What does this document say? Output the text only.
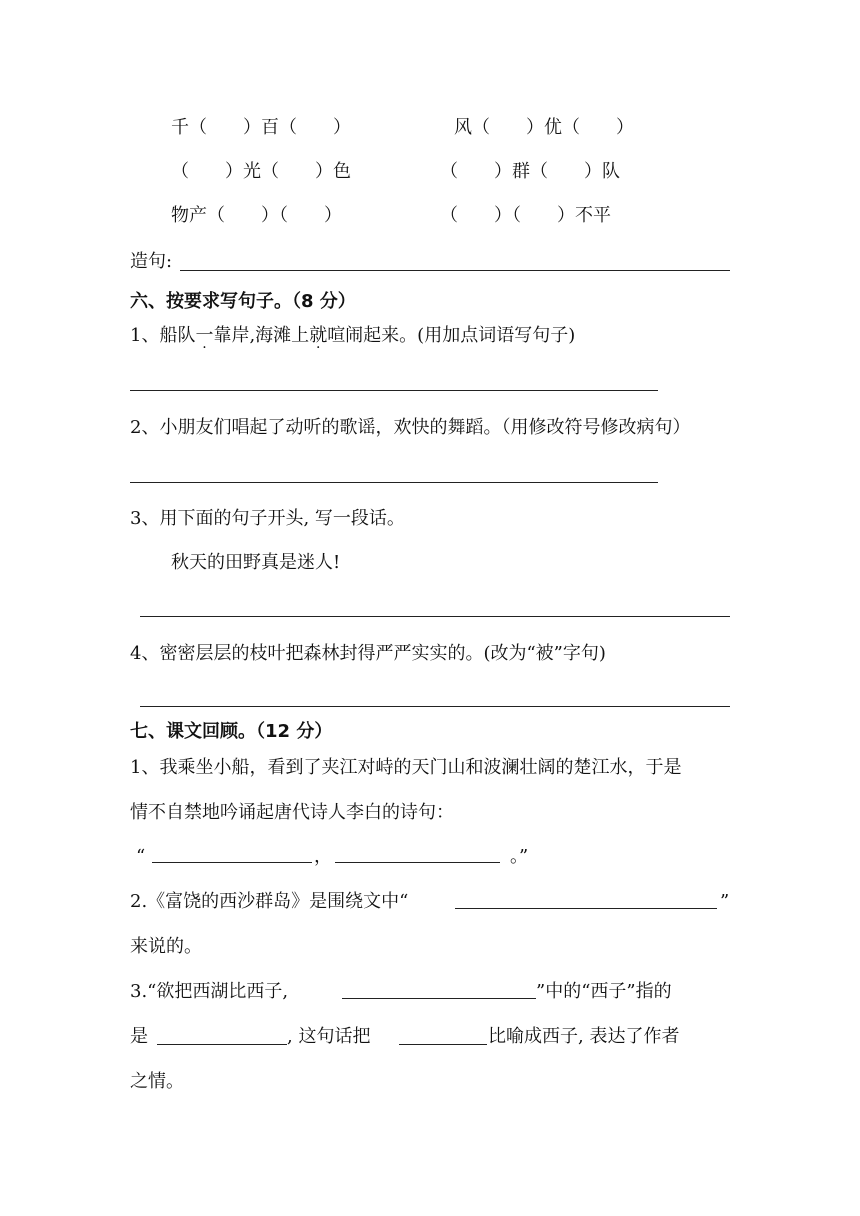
千（　　）百（　　）	风（　　）优（　　）
（　　）光（　　）色	（　　）群（　　）队
物产（　　）（　　）	（　　）（　　）不平
造句:
六、按要求写句子。（8 分）
1、船队一靠岸,海滩上就喧闹起来。(用加点词语写句子)
2、小朋友们唱起了动听的歌谣，欢快的舞蹈。（用修改符号修改病句）
3、用下面的句子开头, 写一段话。
秋天的田野真是迷人!
4、密密层层的枝叶把森林封得严严实实的。(改为“被”字句)
七、课文回顾。（12 分）
1、我乘坐小船，看到了夹江对峙的天门山和波澜壮阔的楚江水，于是
情不自禁地吟诵起唐代诗人李白的诗句：
“	，	。”
2.《富饶的西沙群岛》是围绕文中“	”
来说的。
3.“欲把西湖比西子,	”中的“西子”指的
是	, 这句话把	比喻成西子, 表达了作者
之情。
